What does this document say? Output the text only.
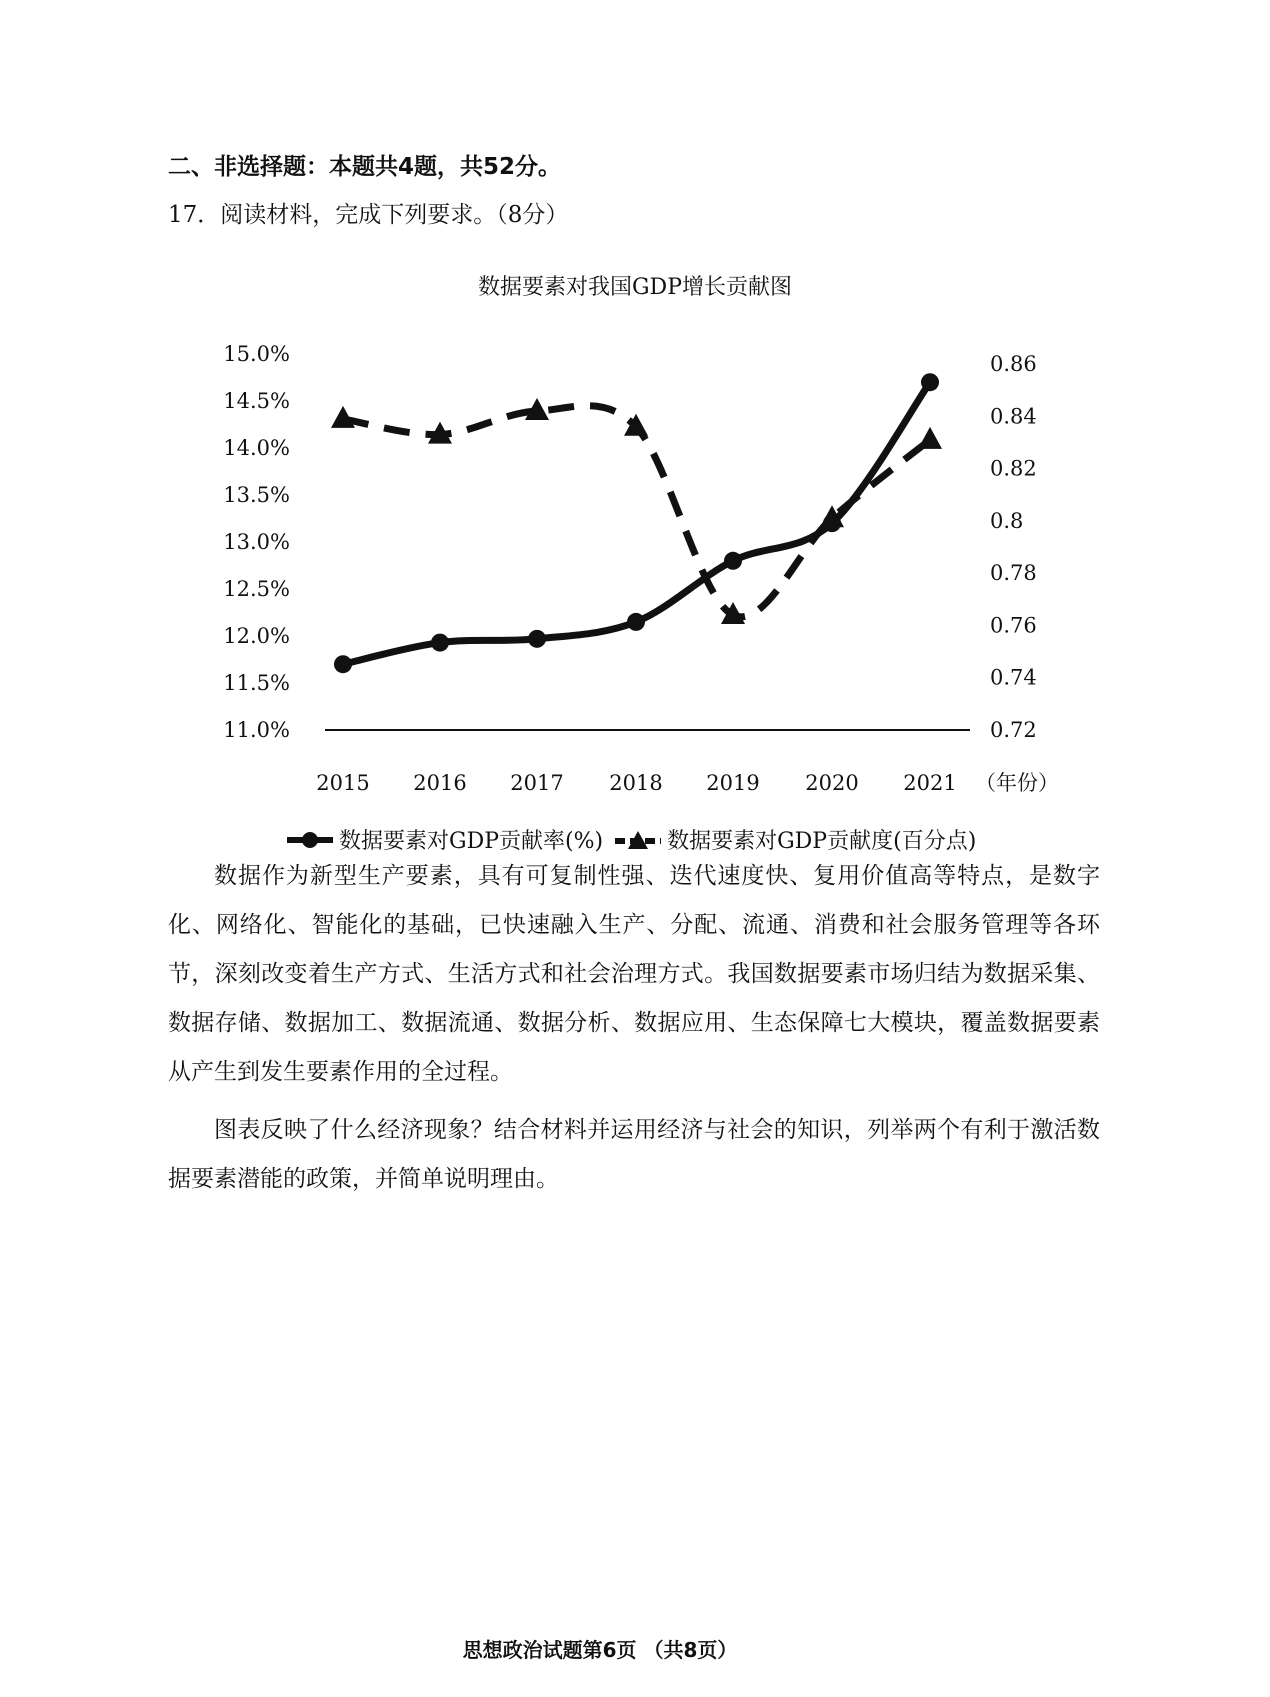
二、非选择题：本题共4题，共52分。
17．阅读材料，完成下列要求。（8分）
数据要素对我国GDP增长贡献图
15.0%
14.5%
14.0%
13.5%
13.0%
12.5%
12.0%
11.5%
11.0%
0.86
0.84
0.82
0.8
0.78
0.76
0.74
0.72
2015 2016 2017 2018 2019 2020 2021 （年份）
数据要素对GDP贡献率(%)	数据要素对GDP贡献度(百分点)

数据作为新型生产要素，具有可复制性强、迭代速度快、复用价值高等特点，是数字化、网络化、智能化的基础，已快速融入生产、分配、流通、消费和社会服务管理等各环节，深刻改变着生产方式、生活方式和社会治理方式。我国数据要素市场归结为数据采集、数据存储、数据加工、数据流通、数据分析、数据应用、生态保障七大模块，覆盖数据要素从产生到发生要素作用的全过程。

图表反映了什么经济现象？结合材料并运用经济与社会的知识，列举两个有利于激活数据要素潜能的政策，并简单说明理由。

思想政治试题第6页 （共8页）
